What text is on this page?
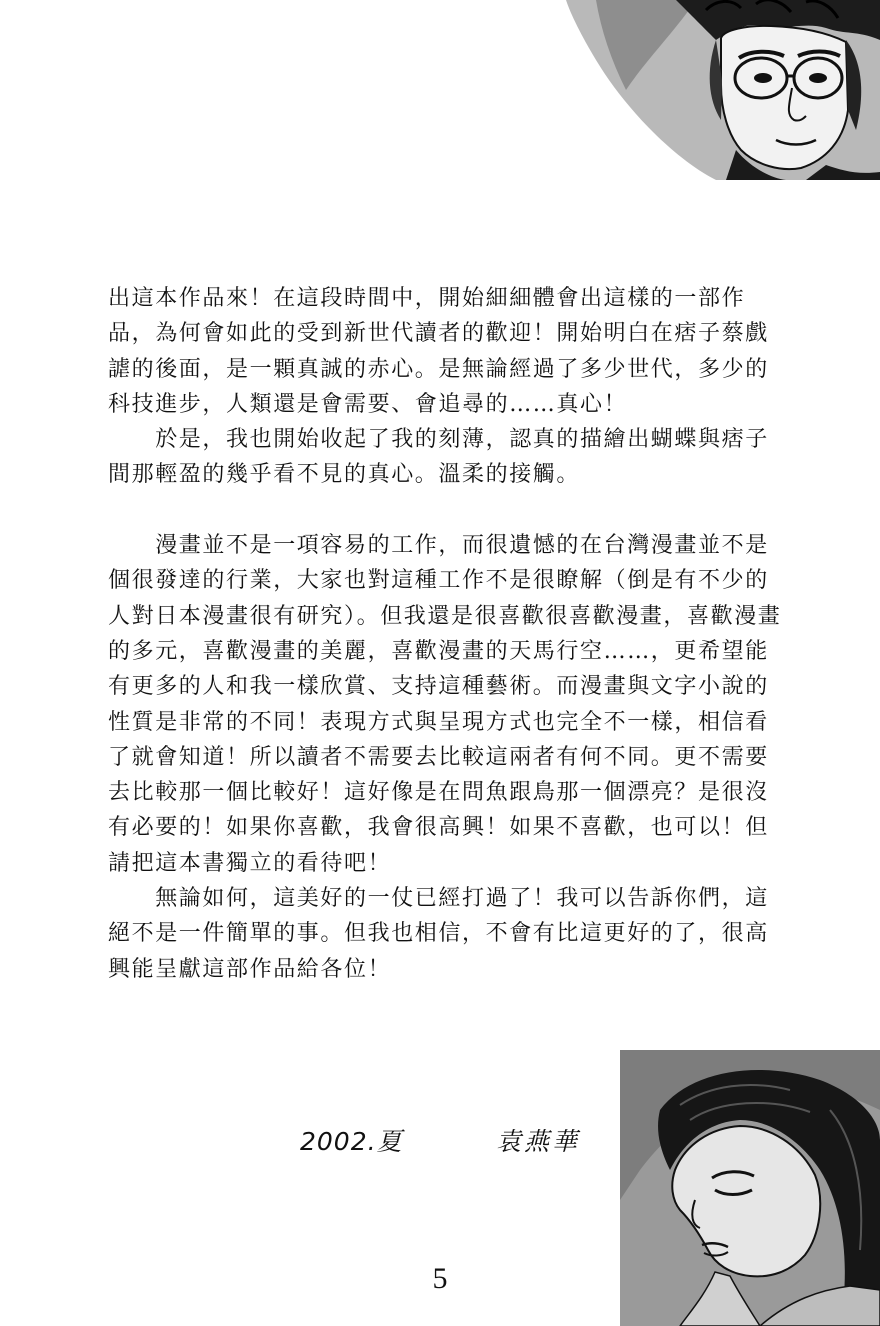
出這本作品來！在這段時間中，開始細細體會出這樣的一部作
品，為何會如此的受到新世代讀者的歡迎！開始明白在痞子蔡戲
謔的後面，是一顆真誠的赤心。是無論經過了多少世代，多少的
科技進步，人類還是會需要、會追尋的……真心！
　　於是，我也開始收起了我的刻薄，認真的描繪出蝴蝶與痞子
間那輕盈的幾乎看不見的真心。溫柔的接觸。
　　漫畫並不是一項容易的工作，而很遺憾的在台灣漫畫並不是
個很發達的行業，大家也對這種工作不是很瞭解（倒是有不少的
人對日本漫畫很有研究）。但我還是很喜歡很喜歡漫畫，喜歡漫畫
的多元，喜歡漫畫的美麗，喜歡漫畫的天馬行空……，更希望能
有更多的人和我一樣欣賞、支持這種藝術。而漫畫與文字小說的
性質是非常的不同！表現方式與呈現方式也完全不一樣，相信看
了就會知道！所以讀者不需要去比較這兩者有何不同。更不需要
去比較那一個比較好！這好像是在問魚跟鳥那一個漂亮？是很沒
有必要的！如果你喜歡，我會很高興！如果不喜歡，也可以！但
請把這本書獨立的看待吧！
　　無論如何，這美好的一仗已經打過了！我可以告訴你們，這
絕不是一件簡單的事。但我也相信，不會有比這更好的了，很高
興能呈獻這部作品給各位！
2002.夏	袁燕華
5
